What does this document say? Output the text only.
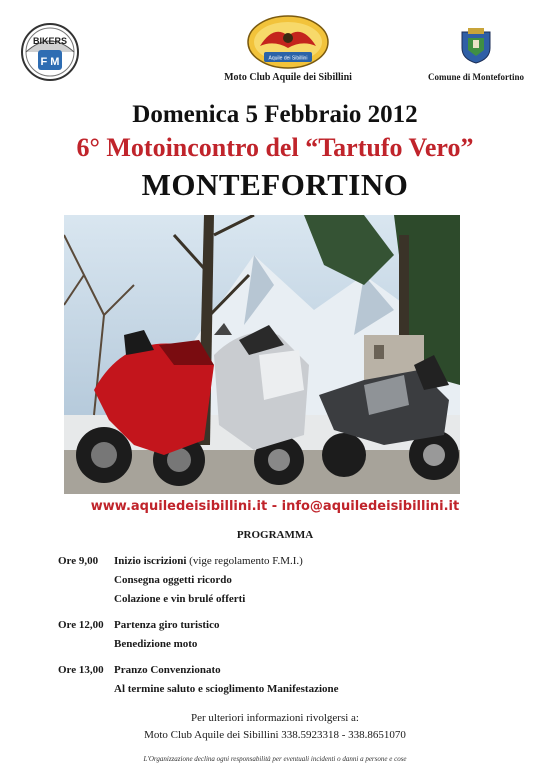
BIKERS
F M	Aquile dei Sibillini
Moto Club Aquile dei Sibillini	Comune di Montefortino
Domenica 5 Febbraio 2012
6° Motoincontro del “Tartufo Vero”
MONTEFORTINO
www.aquiledeisibillini.it - info@aquiledeisibillini.it
PROGRAMMA
Ore 9,00	Inizio iscrizioni (vige regolamento F.M.I.)
Consegna oggetti ricordo
Colazione e vin brulé offerti
Ore 12,00 Partenza giro turistico
Benedizione moto
Ore 13,00 Pranzo Convenzionato
Al termine saluto e scioglimento Manifestazione
Per ulteriori informazioni rivolgersi a:
Moto Club Aquile dei Sibillini 338.5923318 - 338.8651070
L'Organizzazione declina ogni responsabilità per eventuali incidenti o danni a persone e cose
